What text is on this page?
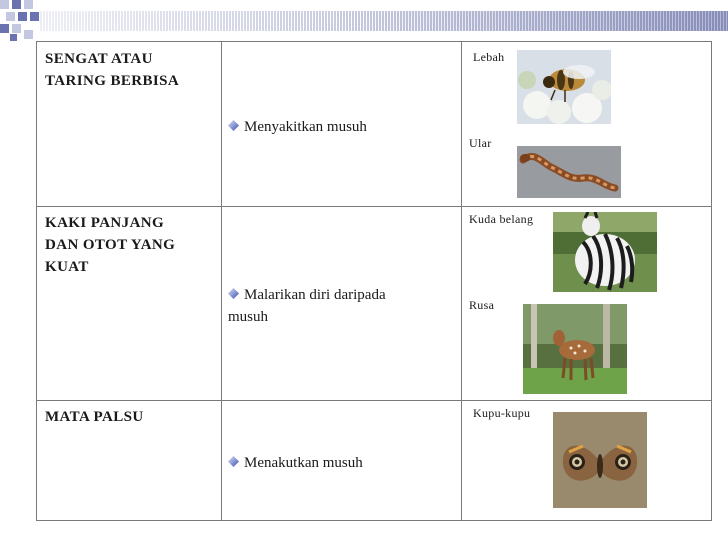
SENGAT ATAU
TARING BERBISA
Menyakitkan musuh
Lebah
Ular
KAKI PANJANG
DAN OTOT YANG
KUAT
Malarikan diri daripada
musuh
Kuda belang
Rusa
MATA PALSU
Menakutkan musuh
Kupu-kupu
